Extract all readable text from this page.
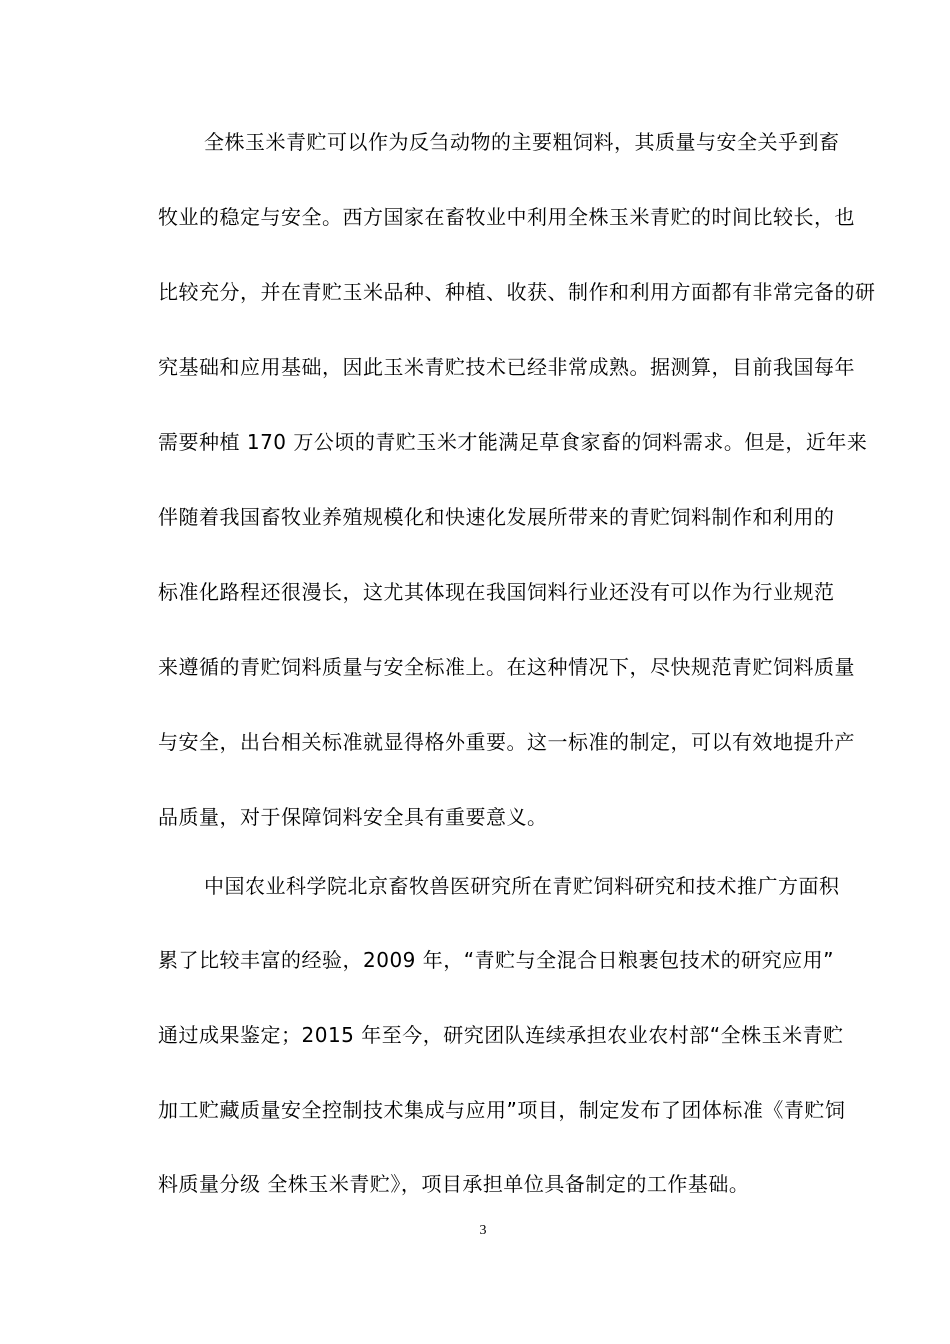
全株玉米青贮可以作为反刍动物的主要粗饲料，其质量与安全关乎到畜
牧业的稳定与安全。西方国家在畜牧业中利用全株玉米青贮的时间比较长，也
比较充分，并在青贮玉米品种、种植、收获、制作和利用方面都有非常完备的研
究基础和应用基础，因此玉米青贮技术已经非常成熟。据测算，目前我国每年
需要种植 170 万公顷的青贮玉米才能满足草食家畜的饲料需求。但是，近年来
伴随着我国畜牧业养殖规模化和快速化发展所带来的青贮饲料制作和利用的
标准化路程还很漫长，这尤其体现在我国饲料行业还没有可以作为行业规范
来遵循的青贮饲料质量与安全标准上。在这种情况下，尽快规范青贮饲料质量
与安全，出台相关标准就显得格外重要。这一标准的制定，可以有效地提升产
品质量，对于保障饲料安全具有重要意义。
中国农业科学院北京畜牧兽医研究所在青贮饲料研究和技术推广方面积
累了比较丰富的经验，2009 年，“青贮与全混合日粮裹包技术的研究应用”
通过成果鉴定；2015 年至今，研究团队连续承担农业农村部“全株玉米青贮
加工贮藏质量安全控制技术集成与应用”项目，制定发布了团体标准《青贮饲
料质量分级 全株玉米青贮》，项目承担单位具备制定的工作基础。
3
